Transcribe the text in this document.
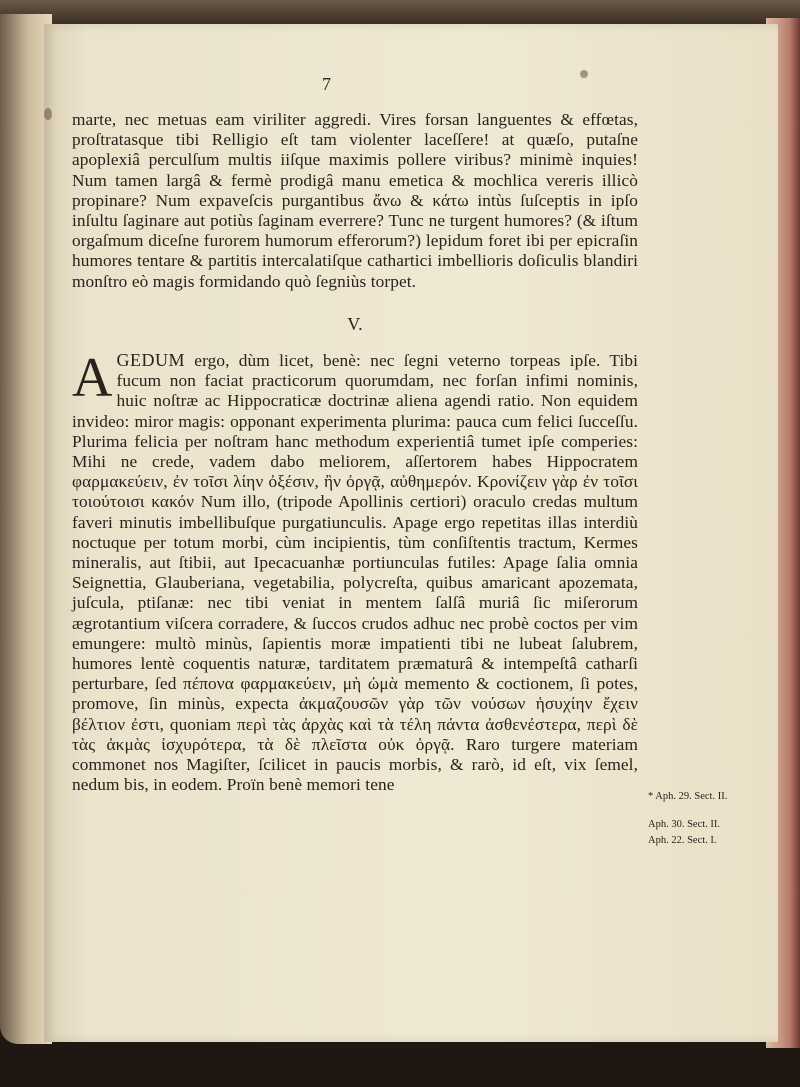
marte, nec metuas eam viriliter aggredi. Vires forsan languentes & effœtas, proſtratasque tibi Relligio eſt tam violenter laceſſere! at quæſo, putaſne apoplexiâ perculſum multis iiſque maximis pollere viribus? minimè inquies! Num tamen largâ & fermè prodigâ manu emetica & mochlica vereris illicò propinare? Num expaveſcis purgantibus ἄνω & κάτω intùs ſuſceptis in ipſo inſultu ſaginare aut potiùs ſaginam everrere? Tunc ne turgent humores? (& iſtum orgaſmum diceſne furorem humorum efferorum?) lepidum foret ibi per epicraſin humores tentare & partitis intercalatiſque cathartici imbellioris doſiculis blandiri monſtro eò magis formidando quò ſegniùs torpet.

V.

AGEDUM ergo, dùm licet, benè: nec ſegni veterno torpeas ipſe. Tibi fucum non faciat practicorum quorumdam, nec forſan infimi nominis, huic noſtræ ac Hippocraticæ doctrinæ aliena agendi ratio. Non equidem invideo: miror magis: opponant experimenta plurima: pauca cum felici ſucceſſu. Plurima felicia per noſtram hanc methodum experientiâ tumet ipſe comperies: Mihi ne crede, vadem dabo meliorem, aſſertorem habes Hippocratem φαρμακεύειν, ἐν τοῖσι λίην ὀξέσιν, ἢν ὀργᾷ, αὐθημερόν. Κρονίζειν γὰρ ἐν τοῖσι τοιούτοισι κακόν Num illo, (tripode Apollinis certiori) oraculo credas multum faveri minutis imbellibuſque purgatiunculis. Apage ergo repetitas illas interdiù noctuque per totum morbi, cùm incipientis, tùm conſiſtentis tractum, Kermes mineralis, aut ſtibii, aut Ipecacuanhæ portiunculas futiles: Apage ſalia omnia Seignettia, Glauberiana, vegetabilia, polycreſta, quibus amaricant apozemata, juſcula, ptiſanæ: nec tibi veniat in mentem ſalſâ muriâ ſic miſerorum ægrotantium viſcera corradere, & ſuccos crudos adhuc nec probè coctos per vim emungere: multò minùs, ſapientis moræ impatienti tibi ne lubeat ſalubrem, humores lentè coquentis naturæ, tarditatem præmaturâ & intempeſtâ catharſi perturbare, ſed πέπονα φαρμακεύειν, μὴ ὠμὰ memento & coctionem, ſi potes, promove, ſin minùs, expecta ἀκμαζουσῶν γὰρ τῶν νούσων ἡσυχίην ἔχειν βέλτιον ἐστι, quoniam περὶ τὰς ἀρχὰς καὶ τὰ τέλη πάντα ἀσθενέστερα, περὶ δὲ τὰς ἀκμὰς ἰσχυρότερα, τὰ δὲ πλεῖστα οὐκ ὀργᾷ. Raro turgere materiam commonet nos Magiſter, ſcilicet in paucis morbis, & rarò, id eſt, vix ſemel, nedum bis, in eodem. Proïn benè memori tene

7
* Aph. 29. Sect. II.
Aph. 30. Sect. II.
Aph. 22. Sect. I.
